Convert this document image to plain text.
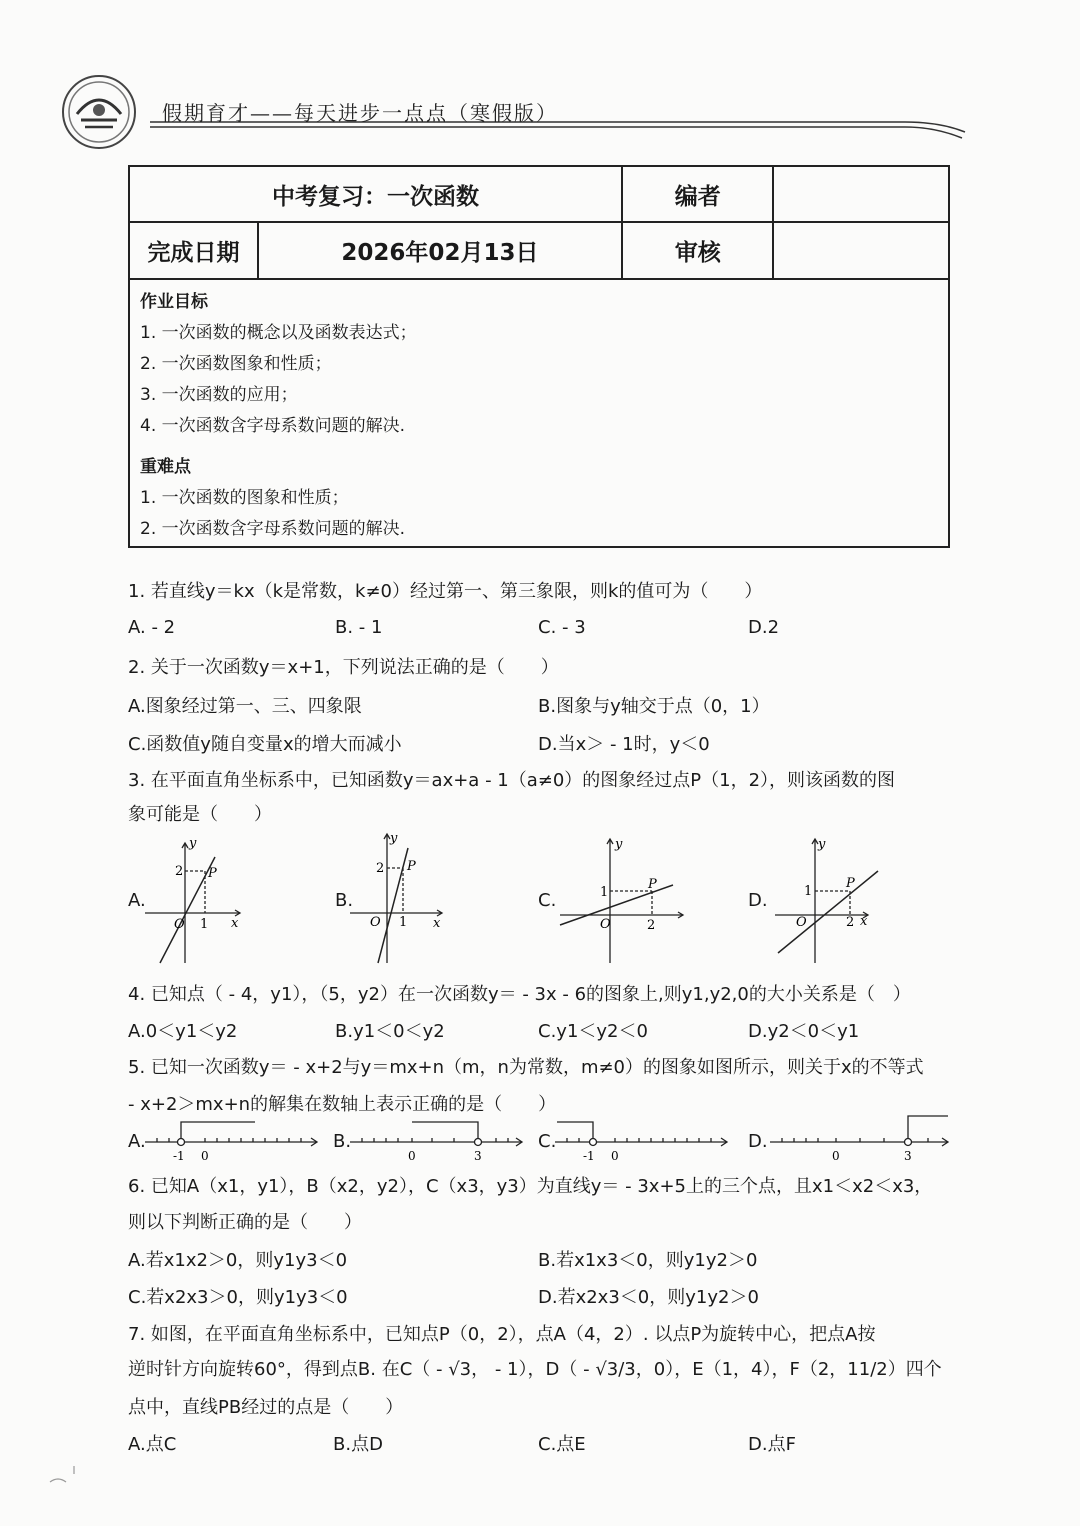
假期育才——每天进步一点点（寒假版）
中考复习：一次函数		编者	
完成日期	2026年02月13日	审核	
作业目标
1. 一次函数的概念以及函数表达式；
2. 一次函数图象和性质；
3. 一次函数的应用；
4. 一次函数含字母系数问题的解决.
重难点
1. 一次函数的图象和性质；
2. 一次函数含字母系数问题的解决.
1. 若直线y＝kx（k是常数，k≠0）经过第一、第三象限，则k的值可为（　　）
A. - 2	B. - 1	C. - 3	D.2
2. 关于一次函数y＝x+1，下列说法正确的是（　　）
A.图象经过第一、三、四象限	B.图象与y轴交于点（0，1）
C.函数值y随自变量x的增大而减小	D.当x＞ - 1时，y＜0
3. 在平面直角坐标系中，已知函数y＝ax+a - 1（a≠0）的图象经过点P（1，2），则该函数的图
象可能是（　　）
A.	B.	C.	D.
y
2 P
O 1 x
y
2 P
O 1 x
y
1
P
O	2
y
1
P
O	2 x
4. 已知点（ - 4，y1），（5，y2）在一次函数y＝ - 3x - 6的图象上,则y1,y2,0的大小关系是（　）
A.0＜y1＜y2	B.y1＜0＜y2	C.y1＜y2＜0	D.y2＜0＜y1
5. 已知一次函数y＝ - x+2与y＝mx+n（m，n为常数，m≠0）的图象如图所示，则关于x的不等式
- x+2＞mx+n的解集在数轴上表示正确的是（　　）
A.	B.	C.	D.
-1 0	0	3	-1 0	0	3
6. 已知A（x1，y1），B（x2，y2），C（x3，y3）为直线y＝ - 3x+5上的三个点，且x1＜x2＜x3，
则以下判断正确的是（　　）
A.若x1x2＞0，则y1y3＜0	B.若x1x3＜0，则y1y2＞0
C.若x2x3＞0，则y1y3＜0	D.若x2x3＜0，则y1y2＞0
7. 如图，在平面直角坐标系中，已知点P（0，2），点A（4，2）. 以点P为旋转中心，把点A按
逆时针方向旋转60°，得到点B. 在C（ - √3， - 1），D（ - √3/3，0），E（1，4），F（2，11/2）四个
点中，直线PB经过的点是（　　）
A.点C	B.点D	C.点E	D.点F
